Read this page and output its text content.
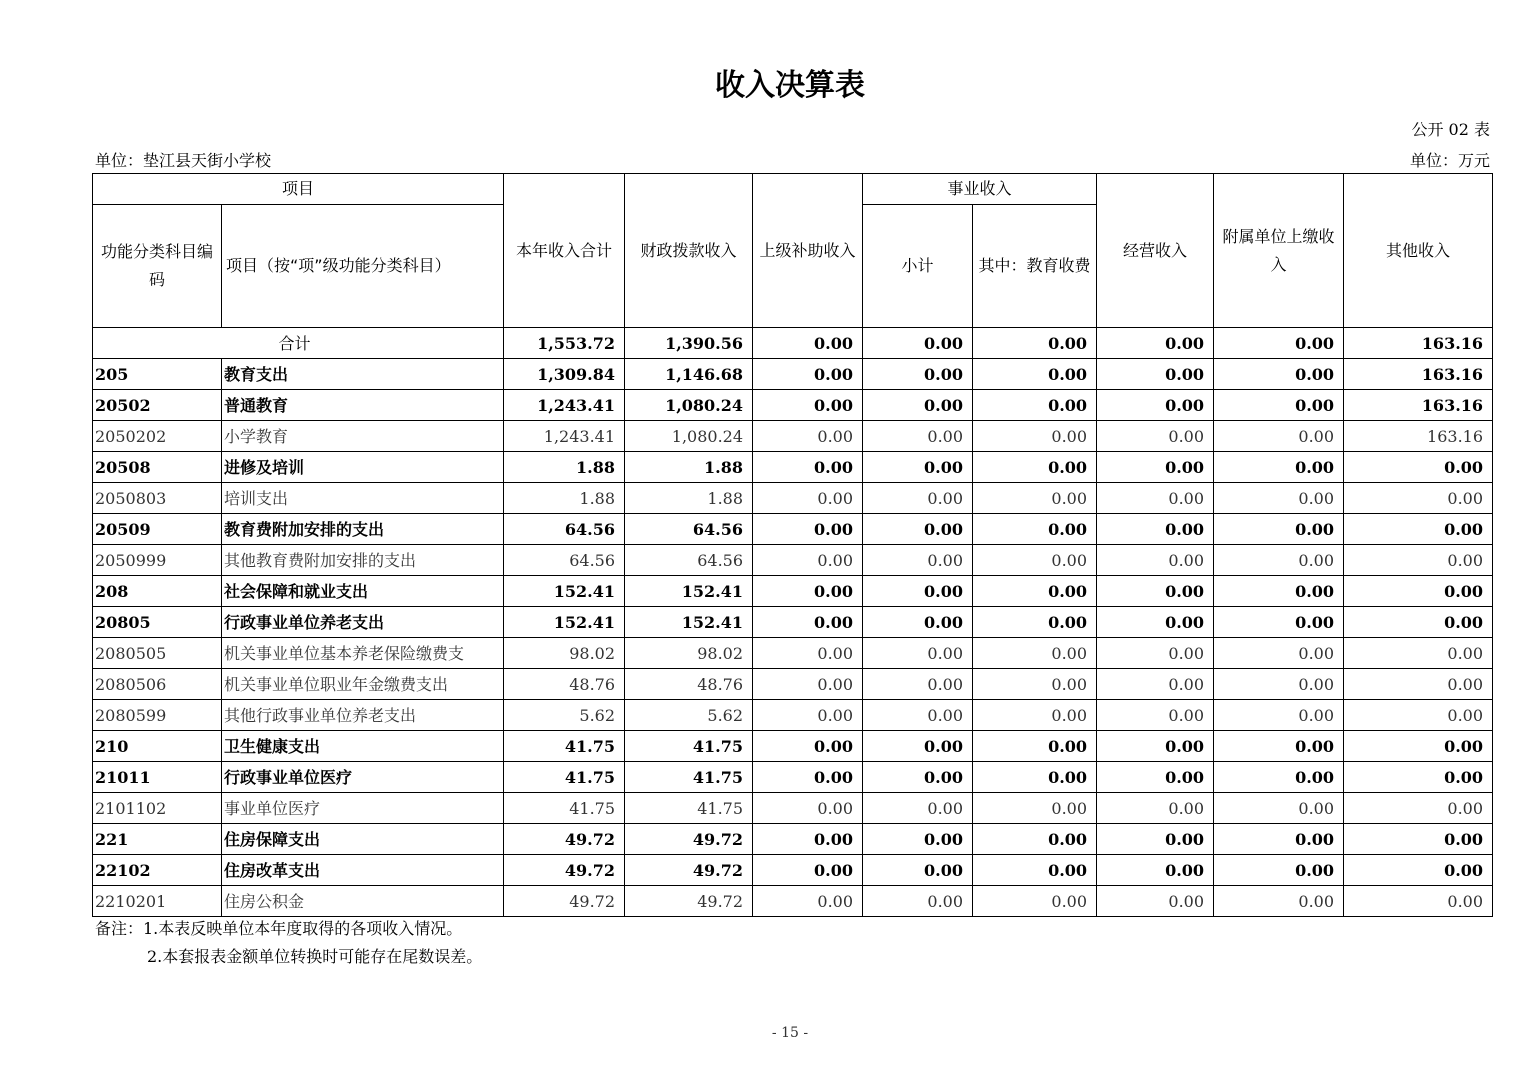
收入决算表
公开 02 表
单位：垫江县天街小学校	单位：万元
项目		本年收入合计	财政拨款收入	上级补助收入	事业收入		经营收入	附属单位上缴收入	其他收入
功能分类科目编码	项目（按“项”级功能分类科目）				小计	其中：教育收费			
合计		1,553.72	1,390.56	0.00	0.00	0.00	0.00	0.00	163.16
205	教育支出	1,309.84	1,146.68	0.00	0.00	0.00	0.00	0.00	163.16
20502	普通教育	1,243.41	1,080.24	0.00	0.00	0.00	0.00	0.00	163.16
2050202	小学教育	1,243.41	1,080.24	0.00	0.00	0.00	0.00	0.00	163.16
20508	进修及培训	1.88	1.88	0.00	0.00	0.00	0.00	0.00	0.00
2050803	培训支出	1.88	1.88	0.00	0.00	0.00	0.00	0.00	0.00
20509	教育费附加安排的支出	64.56	64.56	0.00	0.00	0.00	0.00	0.00	0.00
2050999	其他教育费附加安排的支出	64.56	64.56	0.00	0.00	0.00	0.00	0.00	0.00
208	社会保障和就业支出	152.41	152.41	0.00	0.00	0.00	0.00	0.00	0.00
20805	行政事业单位养老支出	152.41	152.41	0.00	0.00	0.00	0.00	0.00	0.00
2080505	机关事业单位基本养老保险缴费支	98.02	98.02	0.00	0.00	0.00	0.00	0.00	0.00
2080506	机关事业单位职业年金缴费支出	48.76	48.76	0.00	0.00	0.00	0.00	0.00	0.00
2080599	其他行政事业单位养老支出	5.62	5.62	0.00	0.00	0.00	0.00	0.00	0.00
210	卫生健康支出	41.75	41.75	0.00	0.00	0.00	0.00	0.00	0.00
21011	行政事业单位医疗	41.75	41.75	0.00	0.00	0.00	0.00	0.00	0.00
2101102	事业单位医疗	41.75	41.75	0.00	0.00	0.00	0.00	0.00	0.00
221	住房保障支出	49.72	49.72	0.00	0.00	0.00	0.00	0.00	0.00
22102	住房改革支出	49.72	49.72	0.00	0.00	0.00	0.00	0.00	0.00
2210201	住房公积金	49.72	49.72	0.00	0.00	0.00	0.00	0.00	0.00
备注：1.本表反映单位本年度取得的各项收入情况。
2.本套报表金额单位转换时可能存在尾数误差。
- 15 -
